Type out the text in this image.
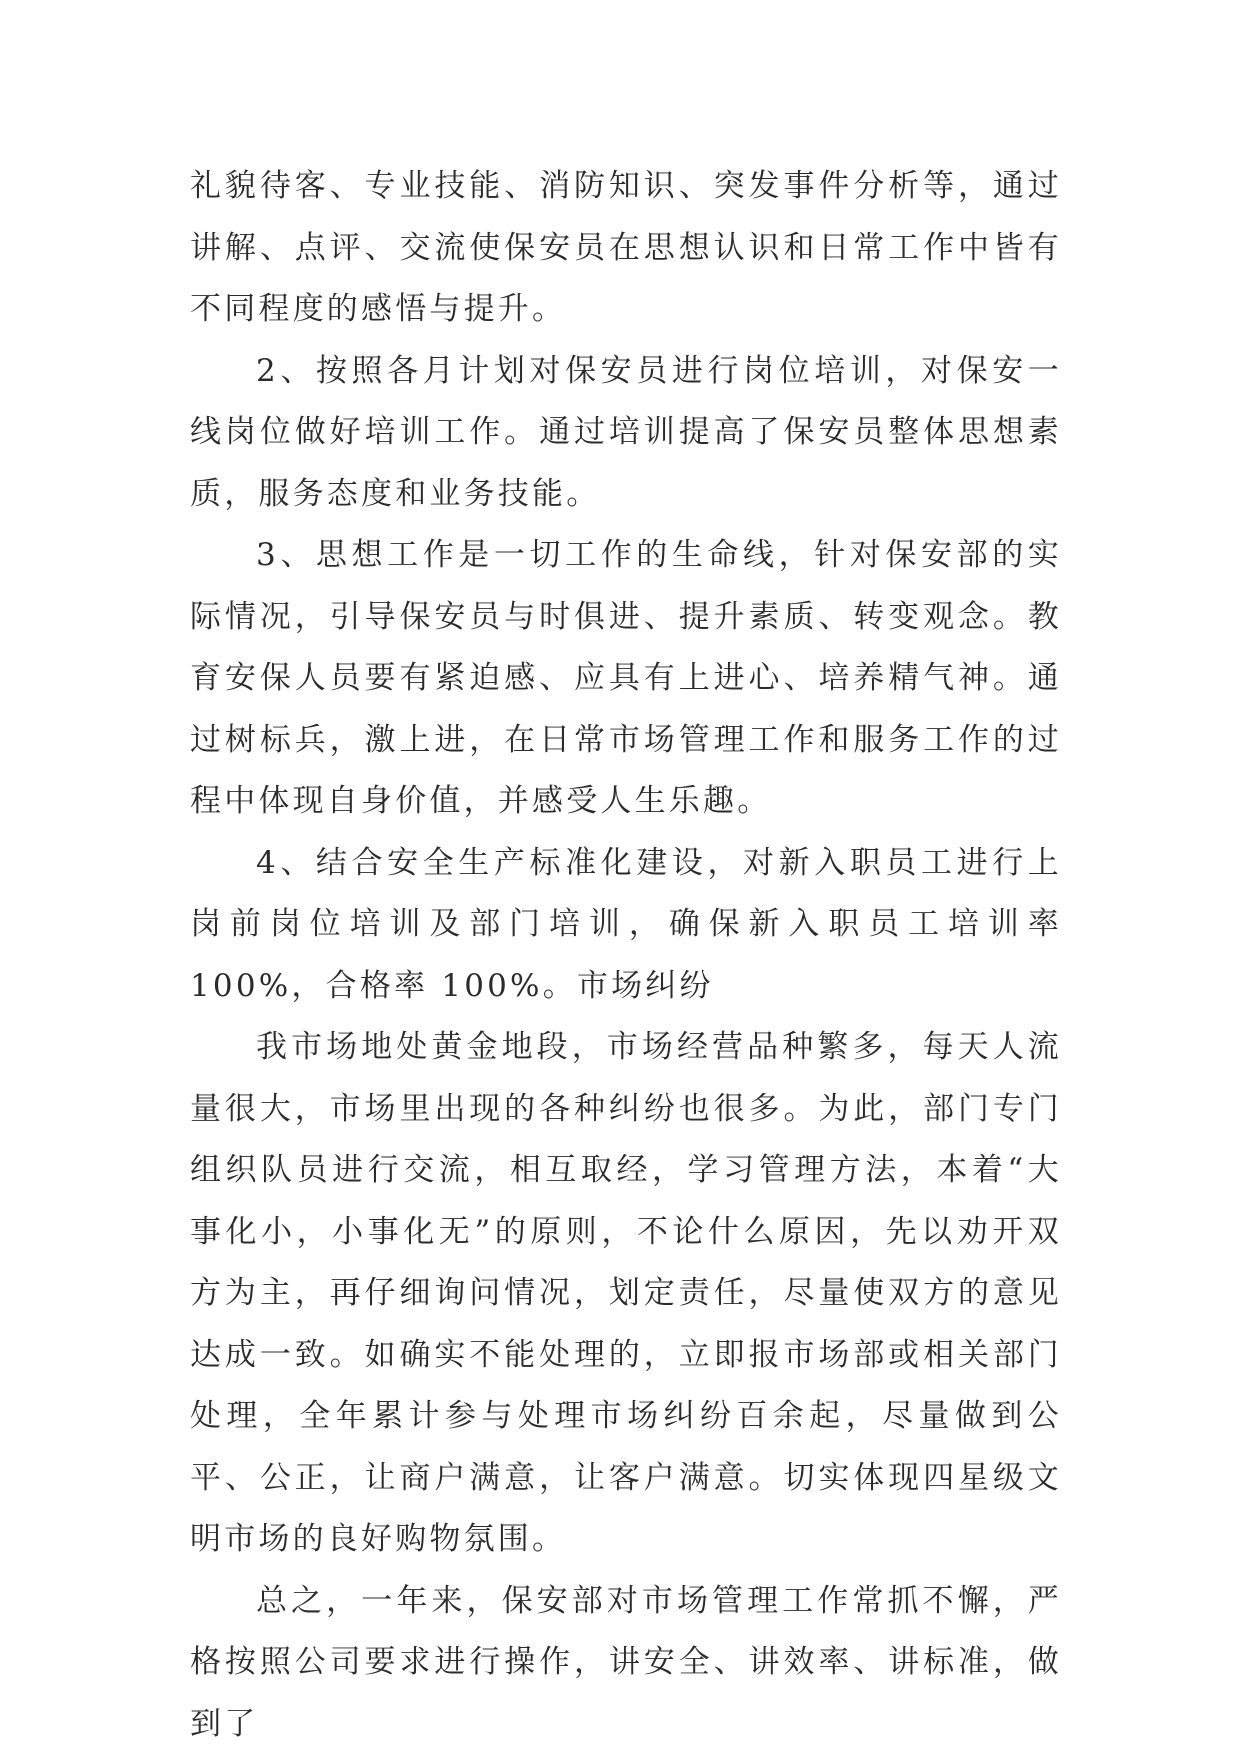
礼貌待客、专业技能、消防知识、突发事件分析等，通过讲解、点评、交流使保安员在思想认识和日常工作中皆有不同程度的感悟与提升。

2、按照各月计划对保安员进行岗位培训，对保安一线岗位做好培训工作。通过培训提高了保安员整体思想素质，服务态度和业务技能。

3、思想工作是一切工作的生命线，针对保安部的实际情况，引导保安员与时俱进、提升素质、转变观念。教育安保人员要有紧迫感、应具有上进心、培养精气神。通过树标兵，激上进，在日常市场管理工作和服务工作的过程中体现自身价值，并感受人生乐趣。

4、结合安全生产标准化建设，对新入职员工进行上岗前岗位培训及部门培训，确保新入职员工培训率 100%，合格率 100%。市场纠纷

我市场地处黄金地段，市场经营品种繁多，每天人流量很大，市场里出现的各种纠纷也很多。为此，部门专门组织队员进行交流，相互取经，学习管理方法，本着“大事化小，小事化无”的原则，不论什么原因，先以劝开双方为主，再仔细询问情况，划定责任，尽量使双方的意见达成一致。如确实不能处理的，立即报市场部或相关部门处理，全年累计参与处理市场纠纷百余起，尽量做到公平、公正，让商户满意，让客户满意。切实体现四星级文明市场的良好购物氛围。

总之，一年来，保安部对市场管理工作常抓不懈，严格按照公司要求进行操作，讲安全、讲效率、讲标准，做到了
